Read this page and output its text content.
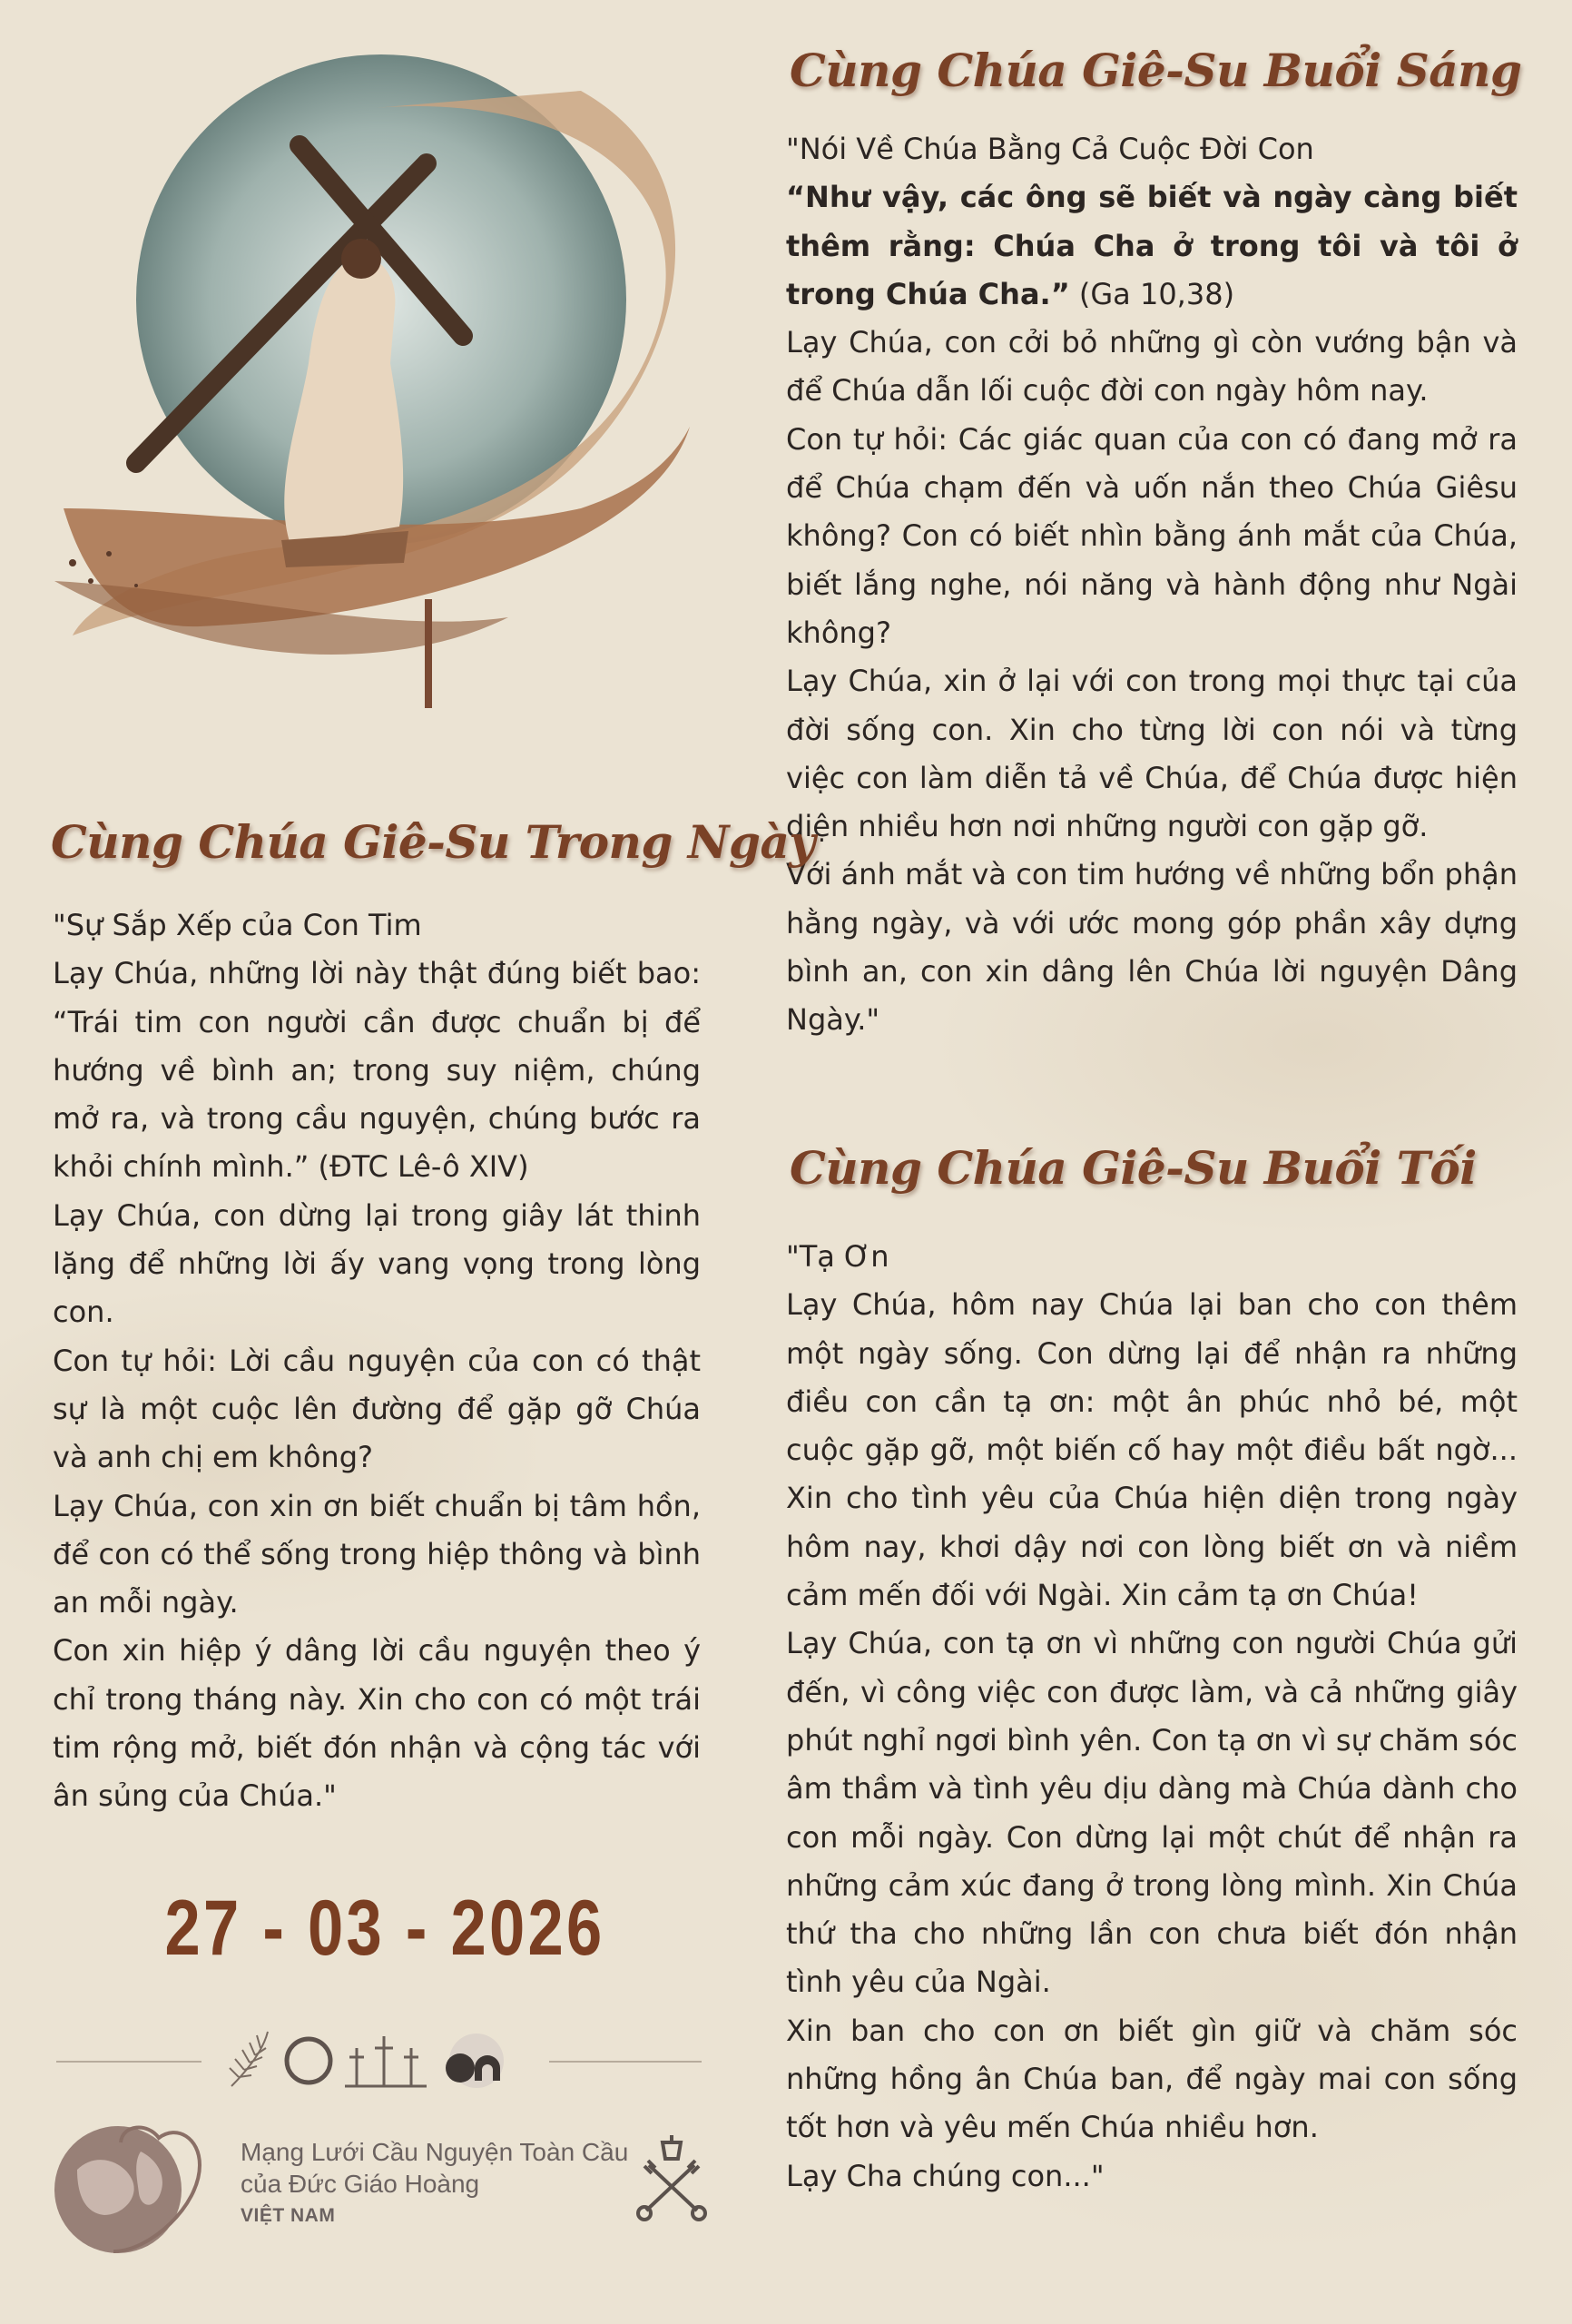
Cùng Chúa Giê-Su Buổi Sáng

"Nói Về Chúa Bằng Cả Cuộc Đời Con

“Như vậy, các ông sẽ biết và ngày càng biết thêm rằng: Chúa Cha ở trong tôi và tôi ở trong Chúa Cha.” (Ga 10,38)

Lạy Chúa, con cởi bỏ những gì còn vướng bận và để Chúa dẫn lối cuộc đời con ngày hôm nay.

Con tự hỏi: Các giác quan của con có đang mở ra để Chúa chạm đến và uốn nắn theo Chúa Giêsu không? Con có biết nhìn bằng ánh mắt của Chúa, biết lắng nghe, nói năng và hành động như Ngài không?

Lạy Chúa, xin ở lại với con trong mọi thực tại của đời sống con. Xin cho từng lời con nói và từng việc con làm diễn tả về Chúa, để Chúa được hiện diện nhiều hơn nơi những người con gặp gỡ.

Với ánh mắt và con tim hướng về những bổn phận hằng ngày, và với ước mong góp phần xây dựng bình an, con xin dâng lên Chúa lời nguyện Dâng Ngày."

Cùng Chúa Giê-Su Trong Ngày

"Sự Sắp Xếp của Con Tim

Lạy Chúa, những lời này thật đúng biết bao: “Trái tim con người cần được chuẩn bị để hướng về bình an; trong suy niệm, chúng mở ra, và trong cầu nguyện, chúng bước ra khỏi chính mình.” (ĐTC Lê-ô XIV)

Lạy Chúa, con dừng lại trong giây lát thinh lặng để những lời ấy vang vọng trong lòng con.

Con tự hỏi: Lời cầu nguyện của con có thật sự là một cuộc lên đường để gặp gỡ Chúa và anh chị em không?

Lạy Chúa, con xin ơn biết chuẩn bị tâm hồn, để con có thể sống trong hiệp thông và bình an mỗi ngày.

Con xin hiệp ý dâng lời cầu nguyện theo ý chỉ trong tháng này. Xin cho con có một trái tim rộng mở, biết đón nhận và cộng tác với ân sủng của Chúa."

Cùng Chúa Giê-Su Buổi Tối

"Tạ Ơn

Lạy Chúa, hôm nay Chúa lại ban cho con thêm một ngày sống. Con dừng lại để nhận ra những điều con cần tạ ơn: một ân phúc nhỏ bé, một cuộc gặp gỡ, một biến cố hay một điều bất ngờ... Xin cho tình yêu của Chúa hiện diện trong ngày hôm nay, khơi dậy nơi con lòng biết ơn và niềm cảm mến đối với Ngài. Xin cảm tạ ơn Chúa!

Lạy Chúa, con tạ ơn vì những con người Chúa gửi đến, vì công việc con được làm, và cả những giây phút nghỉ ngơi bình yên. Con tạ ơn vì sự chăm sóc âm thầm và tình yêu dịu dàng mà Chúa dành cho con mỗi ngày. Con dừng lại một chút để nhận ra những cảm xúc đang ở trong lòng mình. Xin Chúa thứ tha cho những lần con chưa biết đón nhận tình yêu của Ngài.

Xin ban cho con ơn biết gìn giữ và chăm sóc những hồng ân Chúa ban, để ngày mai con sống tốt hơn và yêu mến Chúa nhiều hơn.

Lạy Cha chúng con..."

27 - 03 - 2026
Mạng Lưới Cầu Nguyện Toàn Cầu
của Đức Giáo Hoàng
VIỆT NAM
